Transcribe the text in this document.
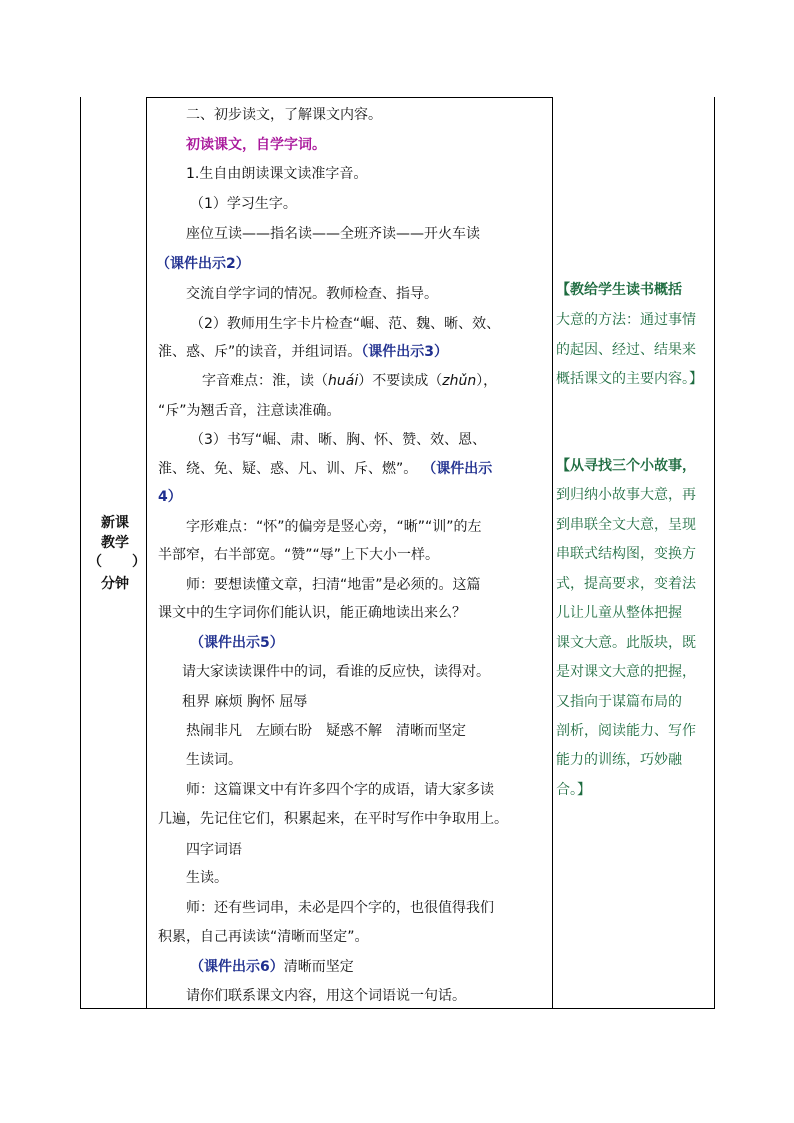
新课
教学
（	）
分钟
二、初步读文，了解课文内容。
初读课文，自学字词。
1.生自由朗读课文读准字音。
（1）学习生字。
座位互读——指名读——全班齐读——开火车读
（课件出示2）
交流自学字词的情况。教师检查、指导。
（2）教师用生字卡片检查“崛、范、魏、晰、效、
淮、惑、斥”的读音，并组词语。（课件出示3）
字音难点：淮，读（huái）不要读成（zhǔn），
“斥”为翘舌音，注意读准确。
（3）书写“崛、肃、晰、胸、怀、赞、效、恩、
淮、绕、免、疑、惑、凡、训、斥、燃”。 （课件出示
4）
字形难点：“怀”的偏旁是竖心旁，“晰”“训”的左
半部窄，右半部宽。“赞”“辱”上下大小一样。
师：要想读懂文章，扫清“地雷”是必须的。这篇
课文中的生字词你们能认识，能正确地读出来么？
（课件出示5）
请大家读读课件中的词，看谁的反应快，读得对。
租界 麻烦 胸怀 屈辱
热闹非凡　左顾右盼　疑惑不解　清晰而坚定
生读词。
师：这篇课文中有许多四个字的成语，请大家多读
几遍，先记住它们，积累起来，在平时写作中争取用上。
四字词语
生读。
师：还有些词串，未必是四个字的，也很值得我们
积累，自己再读读“清晰而坚定”。
（课件出示6）清晰而坚定
请你们联系课文内容，用这个词语说一句话。
【教给学生读书概括
大意的方法：通过事情
的起因、经过、结果来
概括课文的主要内容。】
【从寻找三个小故事，
到归纳小故事大意，再
到串联全文大意，呈现
串联式结构图，变换方
式，提高要求，变着法
儿让儿童从整体把握
课文大意。此版块，既
是对课文大意的把握，
又指向于谋篇布局的
剖析，阅读能力、写作
能力的训练，巧妙融
合。】
